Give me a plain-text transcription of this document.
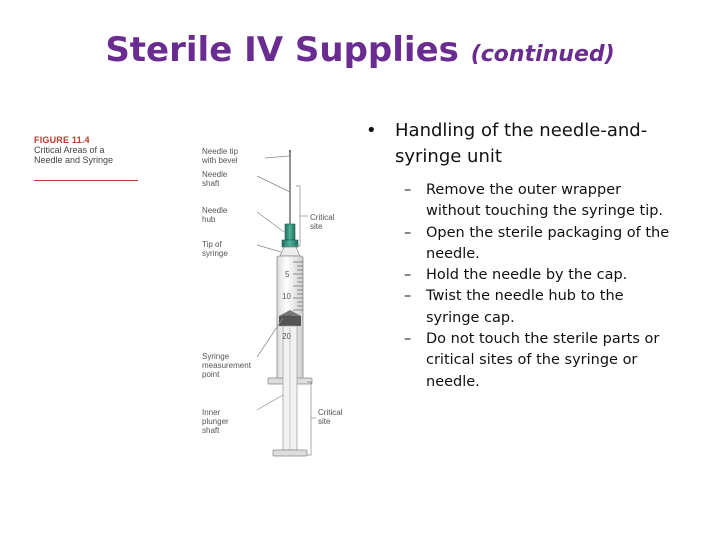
Sterile IV Supplies (continued)
FIGURE 11.4
Critical Areas of a
Needle and Syringe
5
10
15
20
Needle tip
with bevel
Needle
shaft
Needle
hub
Tip of
syringe
Syringe
measurement
point
Inner
plunger
shaft
Critical
site
Critical
site
• Handling of the needle-and-syringe unit
– Remove the outer wrapper without touching the syringe tip.
– Open the sterile packaging of the needle.
– Hold the needle by the cap.
– Twist the needle hub to the syringe cap.
– Do not touch the sterile parts or critical sites of the syringe or needle.
